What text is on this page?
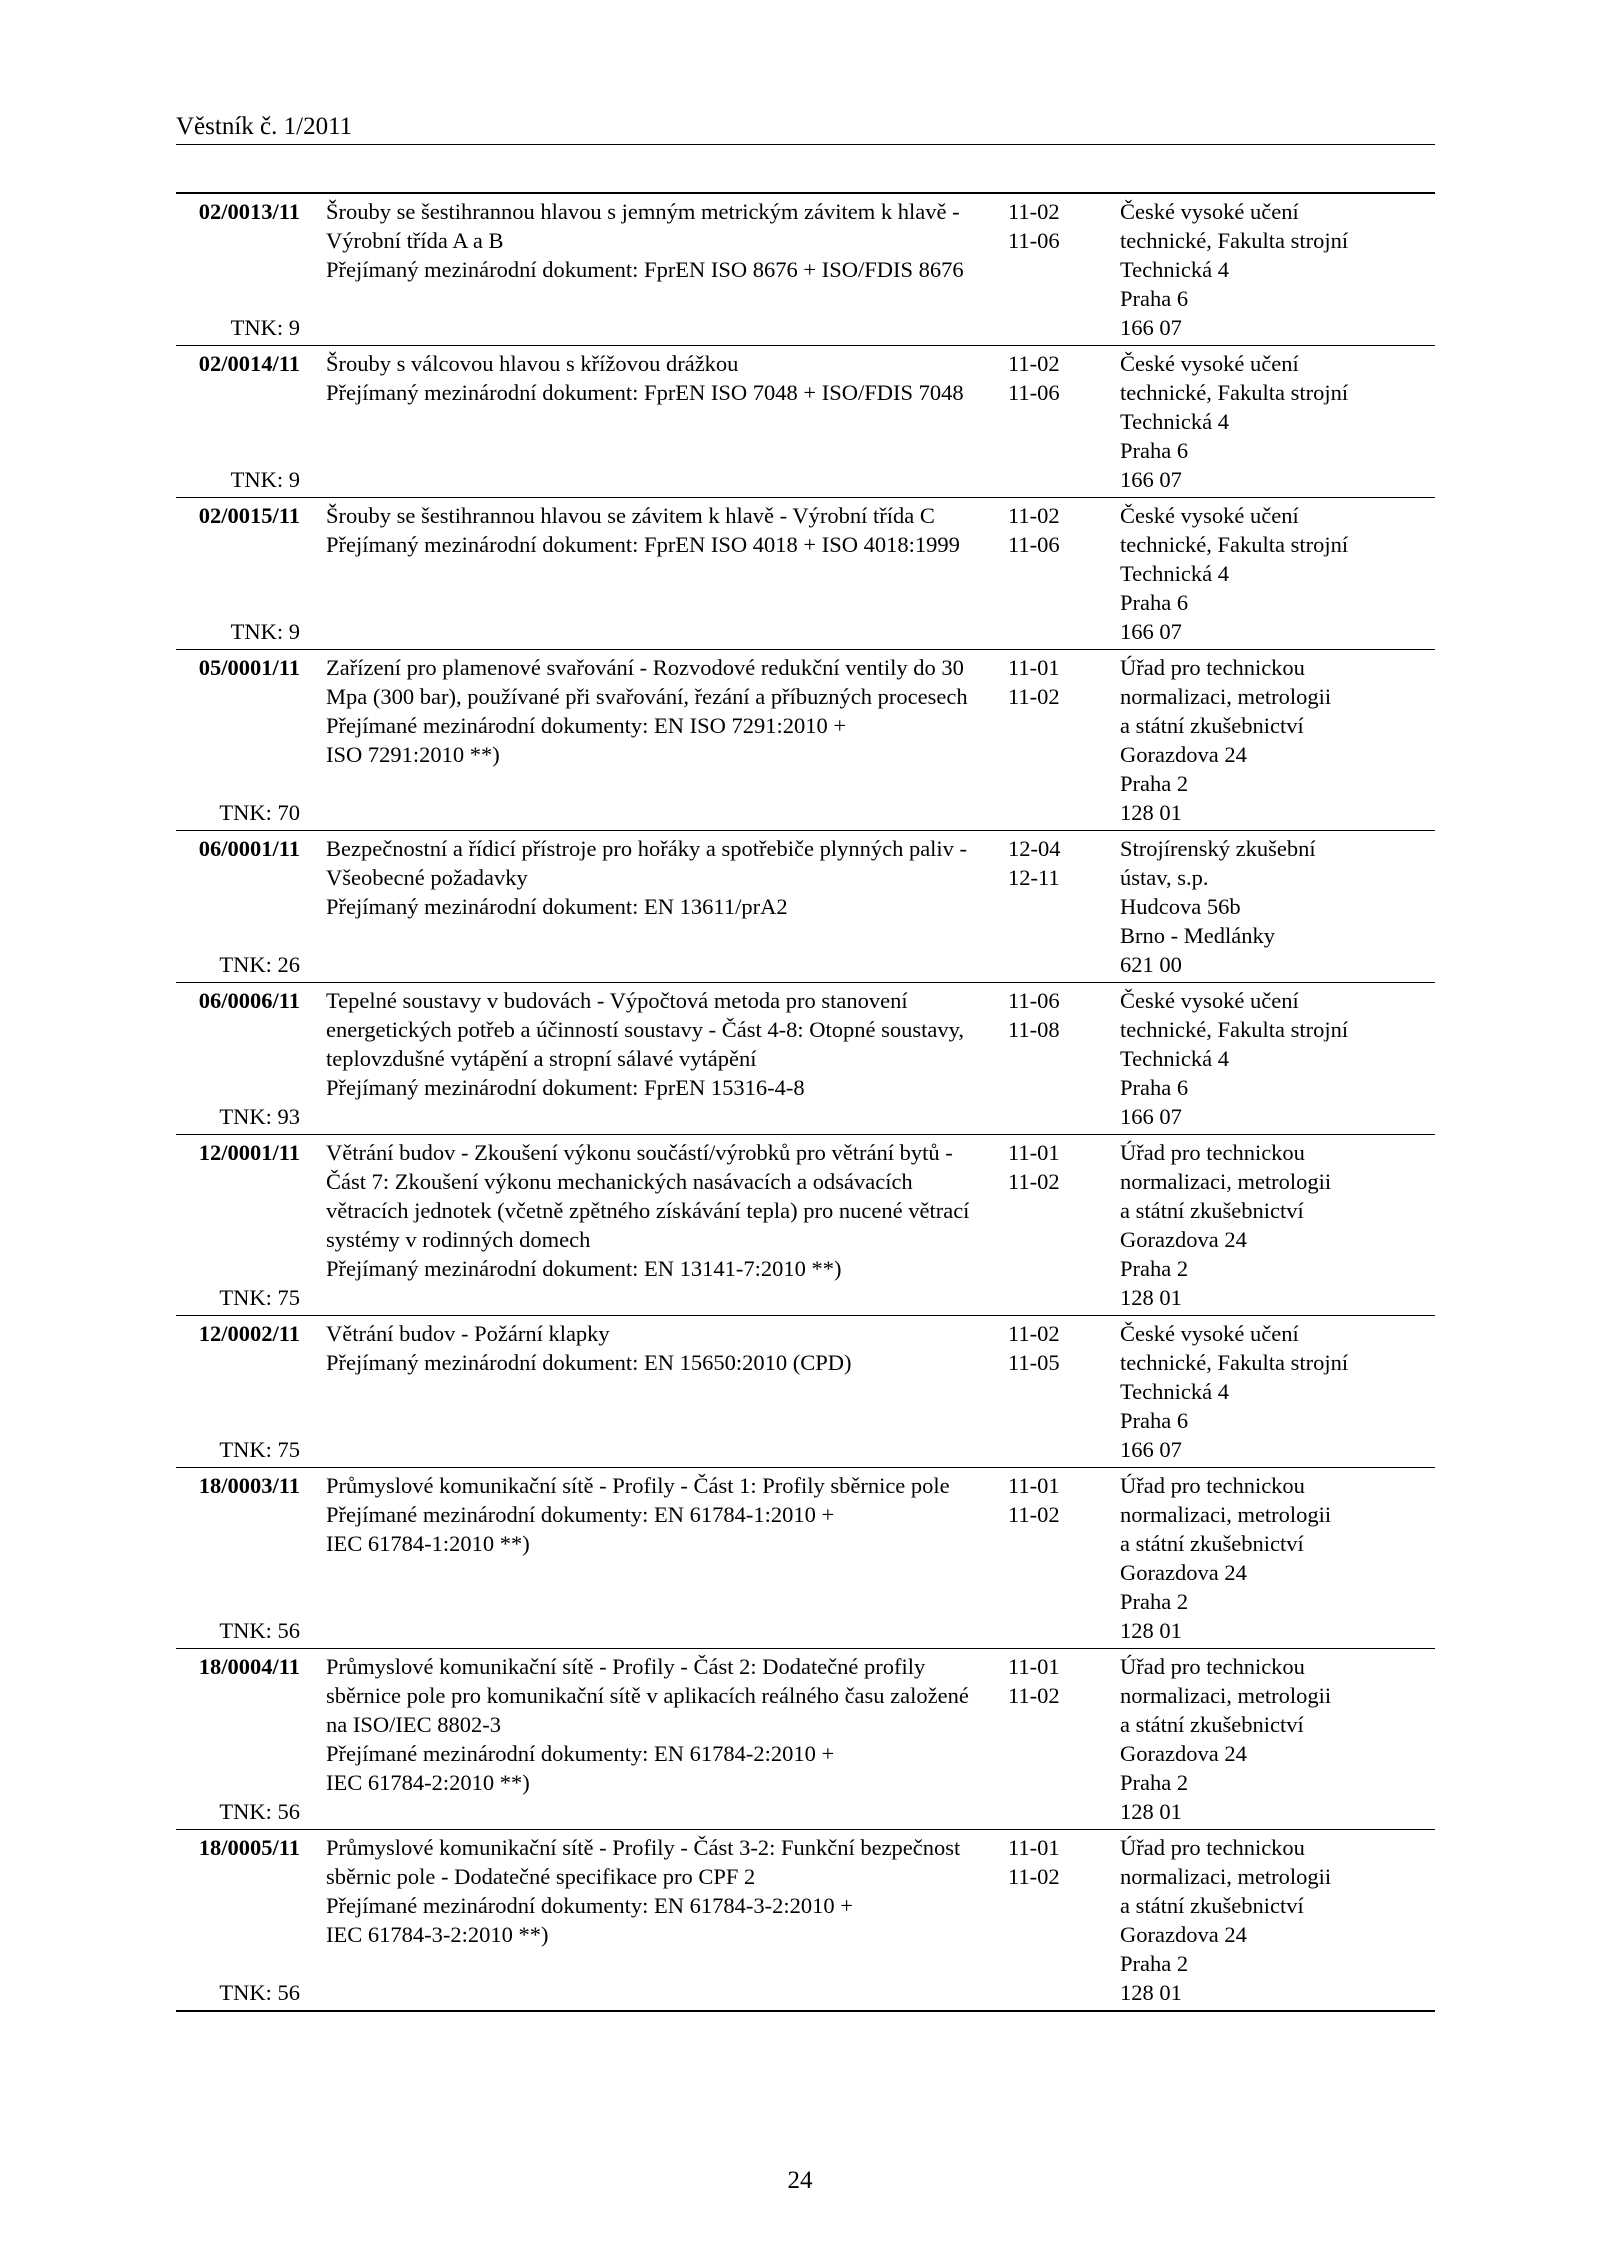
Věstník č. 1/2011
02/0013/11
TNK: 9
Šrouby se šestihrannou hlavou s jemným metrickým závitem k hlavě -
Výrobní třída A a B
Přejímaný mezinárodní dokument: FprEN ISO 8676 + ISO/FDIS 8676
11-02
11-06
České vysoké učení
technické, Fakulta strojní
Technická 4
Praha 6
166 07
02/0014/11
TNK: 9
Šrouby s válcovou hlavou s křížovou drážkou
Přejímaný mezinárodní dokument: FprEN ISO 7048 + ISO/FDIS 7048
11-02
11-06
České vysoké učení
technické, Fakulta strojní
Technická 4
Praha 6
166 07
02/0015/11
TNK: 9
Šrouby se šestihrannou hlavou se závitem k hlavě - Výrobní třída C
Přejímaný mezinárodní dokument: FprEN ISO 4018 + ISO 4018:1999
11-02
11-06
České vysoké učení
technické, Fakulta strojní
Technická 4
Praha 6
166 07
05/0001/11
TNK: 70
Zařízení pro plamenové svařování - Rozvodové redukční ventily do 30
Mpa (300 bar), používané při svařování, řezání a příbuzných procesech
Přejímané mezinárodní dokumenty: EN ISO 7291:2010 +
ISO 7291:2010 **)
11-01
11-02
Úřad pro technickou
normalizaci, metrologii
a státní zkušebnictví
Gorazdova 24
Praha 2
128 01
06/0001/11
TNK: 26
Bezpečnostní a řídicí přístroje pro hořáky a spotřebiče plynných paliv -
Všeobecné požadavky
Přejímaný mezinárodní dokument: EN 13611/prA2
12-04
12-11
Strojírenský zkušební
ústav, s.p.
Hudcova 56b
Brno - Medlánky
621 00
06/0006/11
TNK: 93
Tepelné soustavy v budovách - Výpočtová metoda pro stanovení
energetických potřeb a účinností soustavy - Část 4-8: Otopné soustavy,
teplovzdušné vytápění a stropní sálavé vytápění
Přejímaný mezinárodní dokument: FprEN 15316-4-8
11-06
11-08
České vysoké učení
technické, Fakulta strojní
Technická 4
Praha 6
166 07
12/0001/11
TNK: 75
Větrání budov - Zkoušení výkonu součástí/výrobků pro větrání bytů -
Část 7: Zkoušení výkonu mechanických nasávacích a odsávacích
větracích jednotek (včetně zpětného získávání tepla) pro nucené větrací
systémy v rodinných domech
Přejímaný mezinárodní dokument: EN 13141-7:2010 **)
11-01
11-02
Úřad pro technickou
normalizaci, metrologii
a státní zkušebnictví
Gorazdova 24
Praha 2
128 01
12/0002/11
TNK: 75
Větrání budov - Požární klapky
Přejímaný mezinárodní dokument: EN 15650:2010 (CPD)
11-02
11-05
České vysoké učení
technické, Fakulta strojní
Technická 4
Praha 6
166 07
18/0003/11
TNK: 56
Průmyslové komunikační sítě - Profily - Část 1: Profily sběrnice pole
Přejímané mezinárodní dokumenty: EN 61784-1:2010 +
IEC 61784-1:2010 **)
11-01
11-02
Úřad pro technickou
normalizaci, metrologii
a státní zkušebnictví
Gorazdova 24
Praha 2
128 01
18/0004/11
TNK: 56
Průmyslové komunikační sítě - Profily - Část 2: Dodatečné profily
sběrnice pole pro komunikační sítě v aplikacích reálného času založené
na ISO/IEC 8802-3
Přejímané mezinárodní dokumenty: EN 61784-2:2010 +
IEC 61784-2:2010 **)
11-01
11-02
Úřad pro technickou
normalizaci, metrologii
a státní zkušebnictví
Gorazdova 24
Praha 2
128 01
18/0005/11
TNK: 56
Průmyslové komunikační sítě - Profily - Část 3-2: Funkční bezpečnost
sběrnic pole - Dodatečné specifikace pro CPF 2
Přejímané mezinárodní dokumenty: EN 61784-3-2:2010 +
IEC 61784-3-2:2010 **)
11-01
11-02
Úřad pro technickou
normalizaci, metrologii
a státní zkušebnictví
Gorazdova 24
Praha 2
128 01
24
